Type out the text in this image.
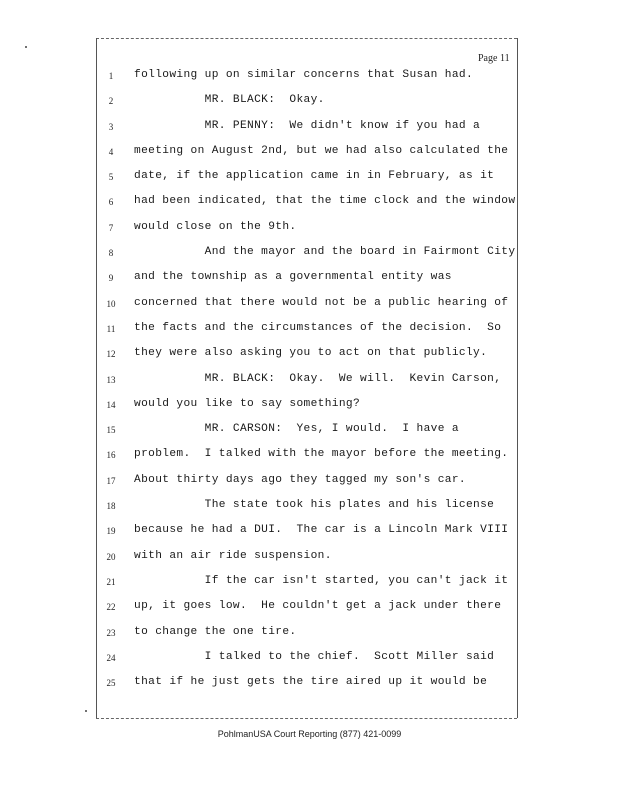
Page 11
1	following up on similar concerns that Susan had.
2	MR. BLACK:  Okay.
3	MR. PENNY:  We didn't know if you had a
4	meeting on August 2nd, but we had also calculated the
5	date, if the application came in in February, as it
6	had been indicated, that the time clock and the window
7	would close on the 9th.
8	And the mayor and the board in Fairmont City
9	and the township as a governmental entity was
10	concerned that there would not be a public hearing of
11	the facts and the circumstances of the decision.  So
12	they were also asking you to act on that publicly.
13	MR. BLACK:  Okay.  We will.  Kevin Carson,
14	would you like to say something?
15	MR. CARSON:  Yes, I would.  I have a
16	problem.  I talked with the mayor before the meeting.
17	About thirty days ago they tagged my son's car.
18	The state took his plates and his license
19	because he had a DUI.  The car is a Lincoln Mark VIII
20	with an air ride suspension.
21	If the car isn't started, you can't jack it
22	up, it goes low.  He couldn't get a jack under there
23	to change the one tire.
24	I talked to the chief.  Scott Miller said
25	that if he just gets the tire aired up it would be
PohlmanUSA Court Reporting (877) 421-0099
